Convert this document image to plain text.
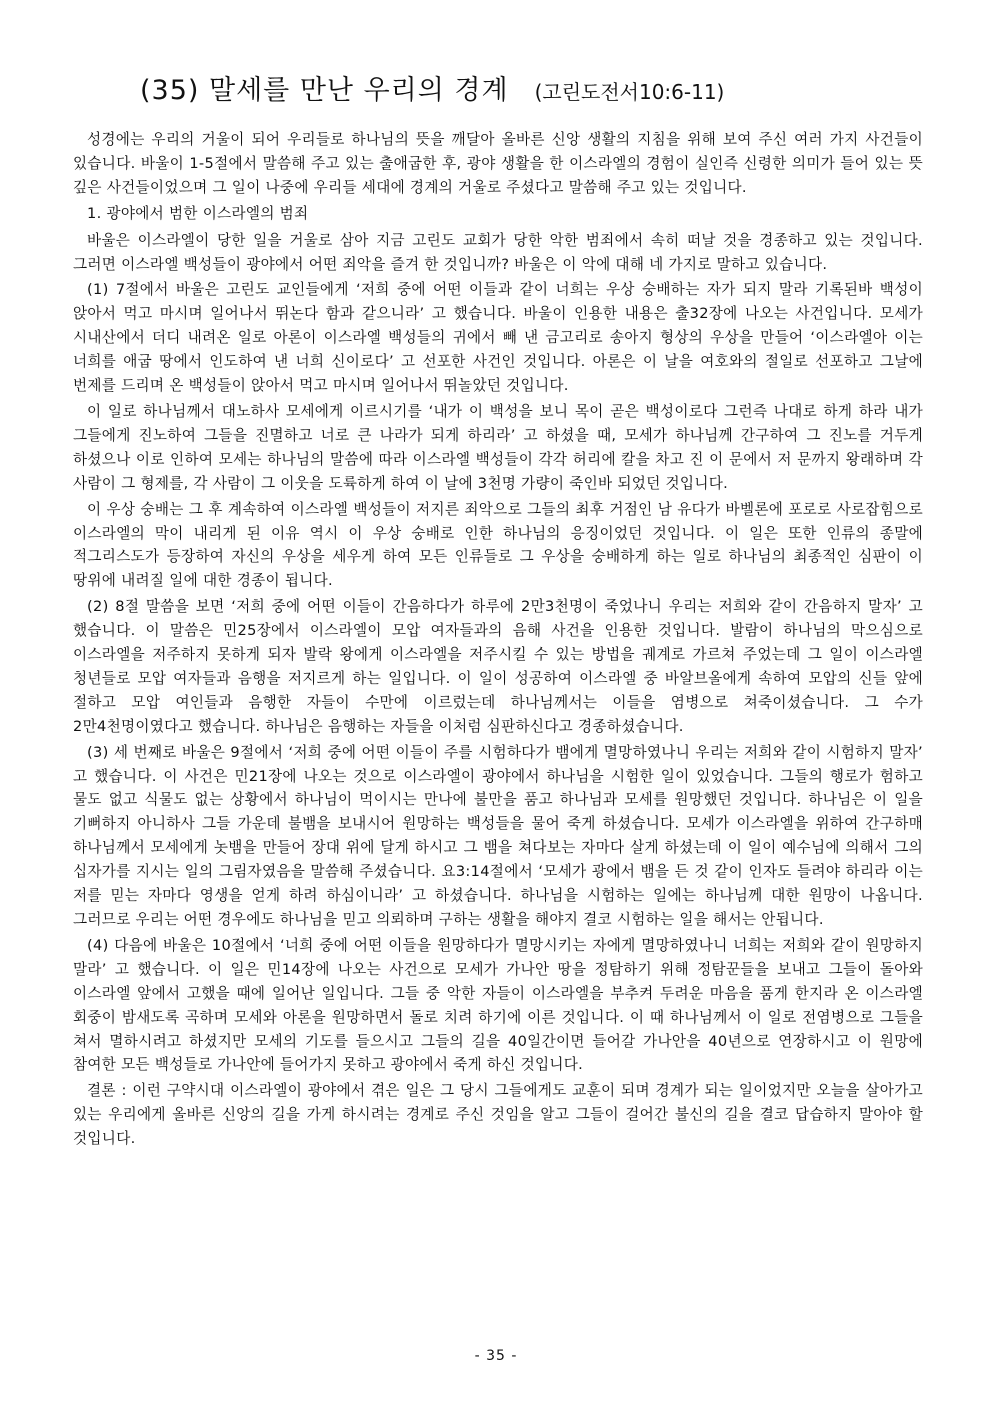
(35) 말세를 만난 우리의 경계 (고린도전서10:6-11)

성경에는 우리의 거울이 되어 우리들로 하나님의 뜻을 깨달아 올바른 신앙 생활의 지침을 위해 보여 주신 여러 가지 사건들이 있습니다. 바울이 1-5절에서 말씀해 주고 있는 출애굽한 후, 광야 생활을 한 이스라엘의 경험이 실인즉 신령한 의미가 들어 있는 뜻 깊은 사건들이었으며 그 일이 나중에 우리들 세대에 경계의 거울로 주셨다고 말씀해 주고 있는 것입니다.

1. 광야에서 범한 이스라엘의 범죄

바울은 이스라엘이 당한 일을 거울로 삼아 지금 고린도 교회가 당한 악한 범죄에서 속히 떠날 것을 경종하고 있는 것입니다. 그러면 이스라엘 백성들이 광야에서 어떤 죄악을 즐겨 한 것입니까? 바울은 이 악에 대해 네 가지로 말하고 있습니다.

(1) 7절에서 바울은 고린도 교인들에게 ‘저희 중에 어떤 이들과 같이 너희는 우상 숭배하는 자가 되지 말라 기록된바 백성이 앉아서 먹고 마시며 일어나서 뛰논다 함과 같으니라’ 고 했습니다. 바울이 인용한 내용은 출32장에 나오는 사건입니다. 모세가 시내산에서 더디 내려온 일로 아론이 이스라엘 백성들의 귀에서 빼 낸 금고리로 송아지 형상의 우상을 만들어 ‘이스라엘아 이는 너희를 애굽 땅에서 인도하여 낸 너희 신이로다’ 고 선포한 사건인 것입니다. 아론은 이 날을 여호와의 절일로 선포하고 그날에 번제를 드리며 온 백성들이 앉아서 먹고 마시며 일어나서 뛰놀았던 것입니다.

이 일로 하나님께서 대노하사 모세에게 이르시기를 ‘내가 이 백성을 보니 목이 곧은 백성이로다 그런즉 나대로 하게 하라 내가 그들에게 진노하여 그들을 진멸하고 너로 큰 나라가 되게 하리라’ 고 하셨을 때, 모세가 하나님께 간구하여 그 진노를 거두게 하셨으나 이로 인하여 모세는 하나님의 말씀에 따라 이스라엘 백성들이 각각 허리에 칼을 차고 진 이 문에서 저 문까지 왕래하며 각 사람이 그 형제를, 각 사람이 그 이웃을 도륙하게 하여 이 날에 3천명 가량이 죽인바 되었던 것입니다.

이 우상 숭배는 그 후 계속하여 이스라엘 백성들이 저지른 죄악으로 그들의 최후 거점인 남 유다가 바벨론에 포로로 사로잡힘으로 이스라엘의 막이 내리게 된 이유 역시 이 우상 숭배로 인한 하나님의 응징이었던 것입니다. 이 일은 또한 인류의 종말에 적그리스도가 등장하여 자신의 우상을 세우게 하여 모든 인류들로 그 우상을 숭배하게 하는 일로 하나님의 최종적인 심판이 이 땅위에 내려질 일에 대한 경종이 됩니다.

(2) 8절 말씀을 보면 ‘저희 중에 어떤 이들이 간음하다가 하루에 2만3천명이 죽었나니 우리는 저희와 같이 간음하지 말자’ 고 했습니다. 이 말씀은 민25장에서 이스라엘이 모압 여자들과의 음해 사건을 인용한 것입니다. 발람이 하나님의 막으심으로 이스라엘을 저주하지 못하게 되자 발락 왕에게 이스라엘을 저주시킬 수 있는 방법을 궤계로 가르쳐 주었는데 그 일이 이스라엘 청년들로 모압 여자들과 음행을 저지르게 하는 일입니다. 이 일이 성공하여 이스라엘 중 바알브올에게 속하여 모압의 신들 앞에 절하고 모압 여인들과 음행한 자들이 수만에 이르렀는데 하나님께서는 이들을 염병으로 쳐죽이셨습니다. 그 수가 2만4천명이였다고 했습니다. 하나님은 음행하는 자들을 이처럼 심판하신다고 경종하셨습니다.

(3) 세 번째로 바울은 9절에서 ‘저희 중에 어떤 이들이 주를 시험하다가 뱀에게 멸망하였나니 우리는 저희와 같이 시험하지 말자’ 고 했습니다. 이 사건은 민21장에 나오는 것으로 이스라엘이 광야에서 하나님을 시험한 일이 있었습니다. 그들의 행로가 험하고 물도 없고 식물도 없는 상황에서 하나님이 먹이시는 만나에 불만을 품고 하나님과 모세를 원망했던 것입니다. 하나님은 이 일을 기뻐하지 아니하사 그들 가운데 불뱀을 보내시어 원망하는 백성들을 물어 죽게 하셨습니다. 모세가 이스라엘을 위하여 간구하매 하나님께서 모세에게 놋뱀을 만들어 장대 위에 달게 하시고 그 뱀을 쳐다보는 자마다 살게 하셨는데 이 일이 예수님에 의해서 그의 십자가를 지시는 일의 그림자였음을 말씀해 주셨습니다. 요3:14절에서 ‘모세가 광에서 뱀을 든 것 같이 인자도 들려야 하리라 이는 저를 믿는 자마다 영생을 얻게 하려 하심이니라’ 고 하셨습니다. 하나님을 시험하는 일에는 하나님께 대한 원망이 나옵니다. 그러므로 우리는 어떤 경우에도 하나님을 믿고 의뢰하며 구하는 생활을 해야지 결코 시험하는 일을 해서는 안됩니다.

(4) 다음에 바울은 10절에서 ‘너희 중에 어떤 이들을 원망하다가 멸망시키는 자에게 멸망하였나니 너희는 저희와 같이 원망하지 말라’ 고 했습니다. 이 일은 민14장에 나오는 사건으로 모세가 가나안 땅을 정탐하기 위해 정탐꾼들을 보내고 그들이 돌아와 이스라엘 앞에서 고했을 때에 일어난 일입니다. 그들 중 악한 자들이 이스라엘을 부추켜 두려운 마음을 품게 한지라 온 이스라엘 회중이 밤새도록 곡하며 모세와 아론을 원망하면서 돌로 치려 하기에 이른 것입니다. 이 때 하나님께서 이 일로 전염병으로 그들을 쳐서 멸하시려고 하셨지만 모세의 기도를 들으시고 그들의 길을 40일간이면 들어갈 가나안을 40년으로 연장하시고 이 원망에 참여한 모든 백성들로 가나안에 들어가지 못하고 광야에서 죽게 하신 것입니다.

결론 : 이런 구약시대 이스라엘이 광야에서 겪은 일은 그 당시 그들에게도 교훈이 되며 경계가 되는 일이었지만 오늘을 살아가고 있는 우리에게 올바른 신앙의 길을 가게 하시려는 경계로 주신 것임을 알고 그들이 걸어간 불신의 길을 결코 답습하지 말아야 할 것입니다.

- 35 -
